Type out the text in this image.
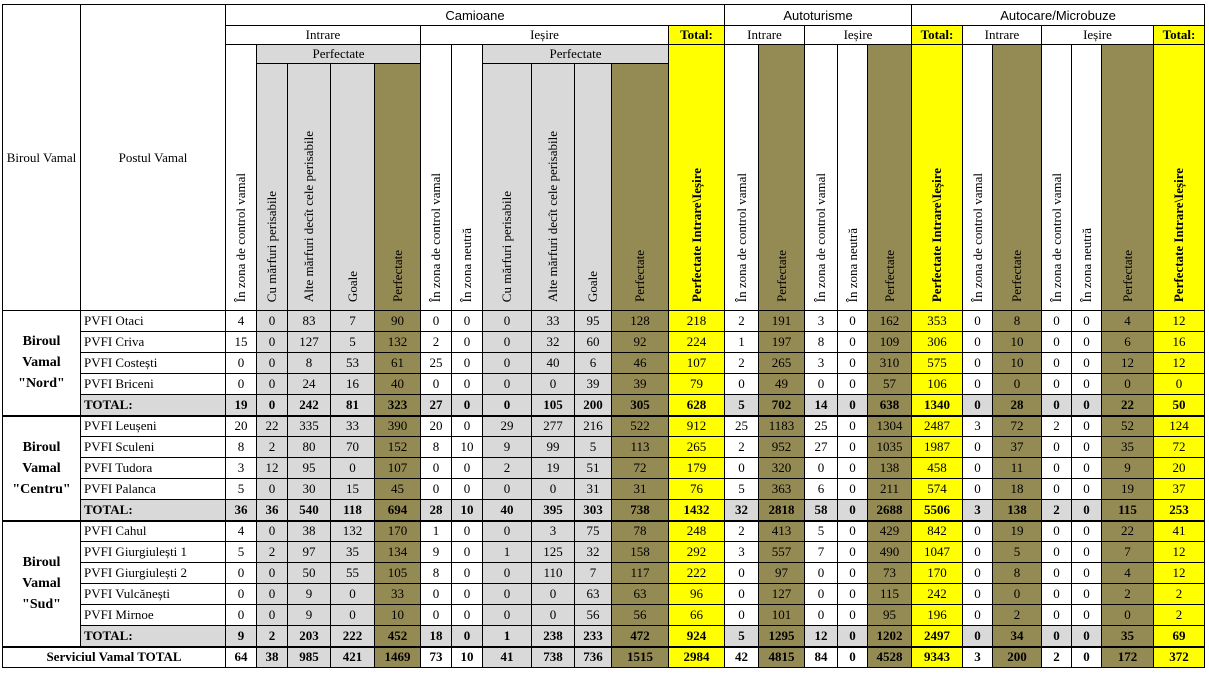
Biroul Vamal	Postul Vamal	Camioane												Autoturisme					Autocare/Microbuze						
		Intrare					Ieșire						Total:	Intrare		Ieșire			Total:	Intrare		Ieșire			Total:
		În zona de control vamal	Perfectate				În zona de control vamal	În zona neutră	Perfectate				Perfectate Intrare\Ieșire	În zona de control vamal	Perfectate	În zona de control vamal	În zona neutră	Perfectate	Perfectate Intrare\Ieșire	În zona de control vamal	Perfectate	În zona de control vamal	În zona neutră	Perfectate	Perfectate Intrare\Ieșire
			Cu mărfuri perisabile	Alte mărfuri decît cele perisabile	Goale	Perfectate			Cu mărfuri perisabile	Alte mărfuri decît cele perisabile	Goale	Perfectate													
Biroul Vamal "Nord"	PVFI Otaci	4	0	83	7	90	0	0	0	33	95	128	218	2	191	3	0	162	353	0	8	0	0	4	12
	PVFI Criva	15	0	127	5	132	2	0	0	32	60	92	224	1	197	8	0	109	306	0	10	0	0	6	16
	PVFI Costești	0	0	8	53	61	25	0	0	40	6	46	107	2	265	3	0	310	575	0	10	0	0	12	12
	PVFI Briceni	0	0	24	16	40	0	0	0	0	39	39	79	0	49	0	0	57	106	0	0	0	0	0	0
	TOTAL:	19	0	242	81	323	27	0	0	105	200	305	628	5	702	14	0	638	1340	0	28	0	0	22	50
Biroul Vamal "Centru"	PVFI Leușeni	20	22	335	33	390	20	0	29	277	216	522	912	25	1183	25	0	1304	2487	3	72	2	0	52	124
	PVFI Sculeni	8	2	80	70	152	8	10	9	99	5	113	265	2	952	27	0	1035	1987	0	37	0	0	35	72
	PVFI Tudora	3	12	95	0	107	0	0	2	19	51	72	179	0	320	0	0	138	458	0	11	0	0	9	20
	PVFI Palanca	5	0	30	15	45	0	0	0	0	31	31	76	5	363	6	0	211	574	0	18	0	0	19	37
	TOTAL:	36	36	540	118	694	28	10	40	395	303	738	1432	32	2818	58	0	2688	5506	3	138	2	0	115	253
Biroul Vamal "Sud"	PVFI Cahul	4	0	38	132	170	1	0	0	3	75	78	248	2	413	5	0	429	842	0	19	0	0	22	41
	PVFI Giurgiulești 1	5	2	97	35	134	9	0	1	125	32	158	292	3	557	7	0	490	1047	0	5	0	0	7	12
	PVFI Giurgiulești 2	0	0	50	55	105	8	0	0	110	7	117	222	0	97	0	0	73	170	0	8	0	0	4	12
	PVFI Vulcănești	0	0	9	0	33	0	0	0	0	63	63	96	0	127	0	0	115	242	0	0	0	0	2	2
	PVFI Mirnoe	0	0	9	0	10	0	0	0	0	56	56	66	0	101	0	0	95	196	0	2	0	0	0	2
	TOTAL:	9	2	203	222	452	18	0	1	238	233	472	924	5	1295	12	0	1202	2497	0	34	0	0	35	69
Serviciul Vamal TOTAL		64	38	985	421	1469	73	10	41	738	736	1515	2984	42	4815	84	0	4528	9343	3	200	2	0	172	372
